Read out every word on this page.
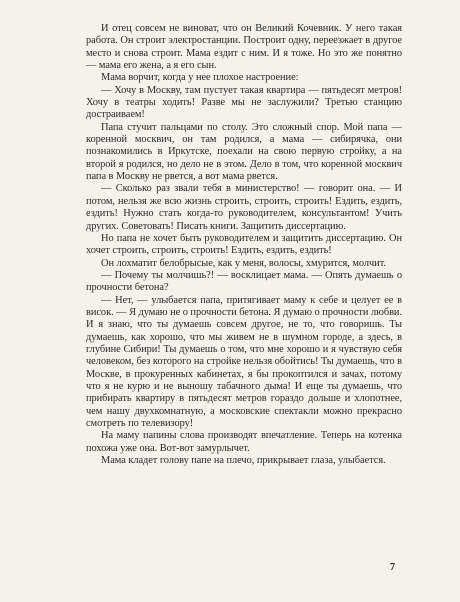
И отец совсем не виноват, что он Великий Кочевник. У него такая работа. Он строит электростанции. Построит одну, переезжает в другое место и снова строит. Мама ездит с ним. И я тоже. Но это же понятно — мама его жена, а я его сын.

Мама ворчит, когда у нее плохое настроение:

— Хочу в Москву, там пустует такая квартира — пятьдесят метров! Хочу в театры ходить! Разве мы не заслужили? Третью станцию достраиваем!

Папа стучит пальцами по столу. Это сложный спор. Мой папа — коренной москвич, он там родился, а мама — сибирячка, они познакомились в Иркутске, поехали на свою первую стройку, а на второй я родился, но дело не в этом. Дело в том, что коренной москвич папа в Москву не рвется, а вот мама рвется.

— Сколько раз звали тебя в министерство! — говорит она. — И потом, нельзя же всю жизнь строить, строить, строить! Ездить, ездить, ездить! Нужно стать когда-то руководителем, консультантом! Учить других. Советовать! Писать книги. Защитить диссертацию.

Но папа не хочет быть руководителем и защитить диссертацию. Он хочет строить, строить, строить! Ездить, ездить, ездить!

Он лохматит белобрысые, как у меня, волосы, хмурится, молчит.

— Почему ты молчишь?! — восклицает мама. — Опять думаешь о прочности бетона?

— Нет, — улыбается папа, притягивает маму к себе и целует ее в висок. — Я думаю не о прочности бетона. Я думаю о прочности любви. И я знаю, что ты думаешь совсем другое, не то, что говоришь. Ты думаешь, как хорошо, что мы живем не в шумном городе, а здесь, в глубине Сибири! Ты думаешь о том, что мне хорошо и я чувствую себя человеком, без которого на стройке нельзя обойтись! Ты думаешь, что в Москве, в прокуренных кабинетах, я бы прокоптился и зачах, потому что я не курю и не выношу табачного дыма! И еще ты думаешь, что прибирать квартиру в пятьдесят метров гораздо дольше и хлопотнее, чем нашу двухкомнатную, а московские спектакли можно прекрасно смотреть по телевизору!

На маму папины слова производят впечатление. Теперь на котенка похожа уже она. Вот-вот замурлычет.

Мама кладет голову папе на плечо, прикрывает глаза, улыбается.

7
